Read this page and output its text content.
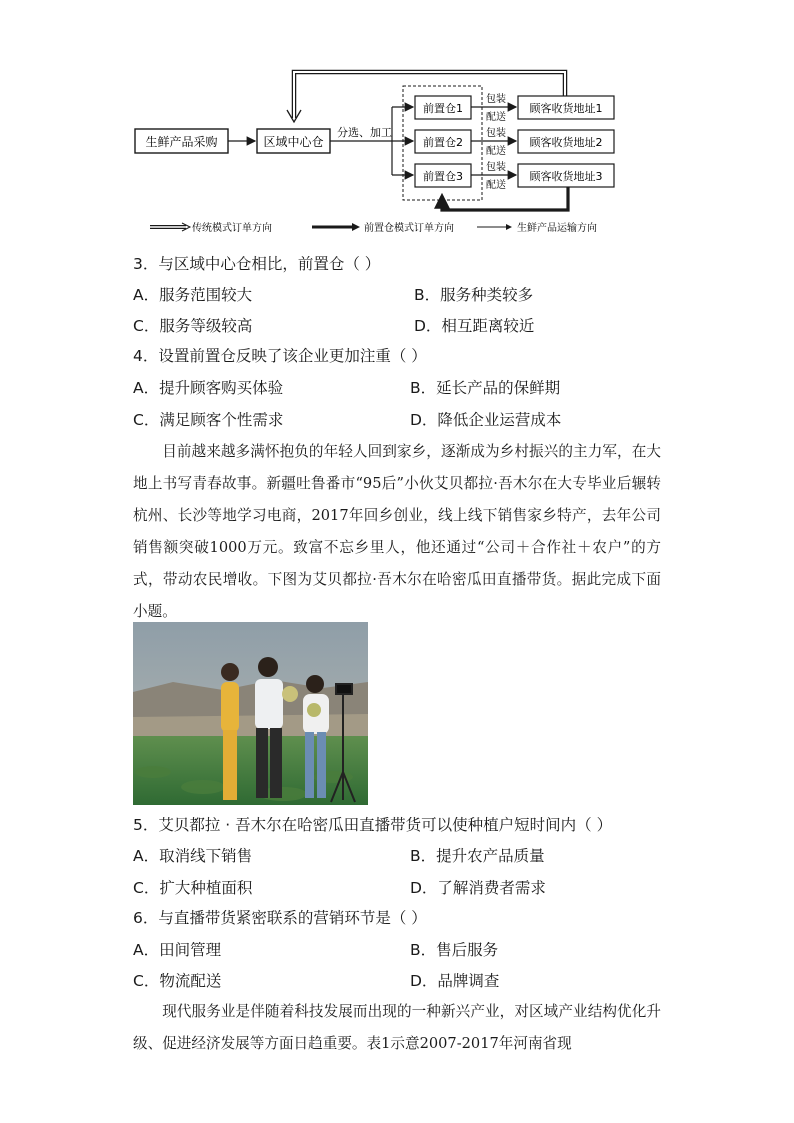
生鲜产品采购	区域中心仓
前置仓1
前置仓2
前置仓3
顾客收货地址1
顾客收货地址2
顾客收货地址3
分选、加工
包装
配送
包装
配送
包装
配送
传统模式订单方向	前置仓模式订单方向	生鲜产品运输方向
3．与区域中心仓相比，前置仓（ ）
A．服务范围较大	B．服务种类较多
C．服务等级较高	D．相互距离较近
4．设置前置仓反映了该企业更加注重（ ）
A．提升顾客购买体验	B．延长产品的保鲜期
C．满足顾客个性需求	D．降低企业运营成本

目前越来越多满怀抱负的年轻人回到家乡，逐渐成为乡村振兴的主力军，在大地上书写青春故事。新疆吐鲁番市“95后”小伙艾贝都拉·吾木尔在大专毕业后辗转杭州、长沙等地学习电商，2017年回乡创业，线上线下销售家乡特产，去年公司销售额突破1000万元。致富不忘乡里人，他还通过“公司＋合作社＋农户”的方式，带动农民增收。下图为艾贝都拉·吾木尔在哈密瓜田直播带货。据此完成下面小题。

5．艾贝都拉 · 吾木尔在哈密瓜田直播带货可以使种植户短时间内（ ）
A．取消线下销售	B．提升农产品质量
C．扩大种植面积	D．了解消费者需求
6．与直播带货紧密联系的营销环节是（ ）
A．田间管理	B．售后服务
C．物流配送	D．品牌调查

现代服务业是伴随着科技发展而出现的一种新兴产业，对区域产业结构优化升级、促进经济发展等方面日趋重要。表1示意2007-2017年河南省现
